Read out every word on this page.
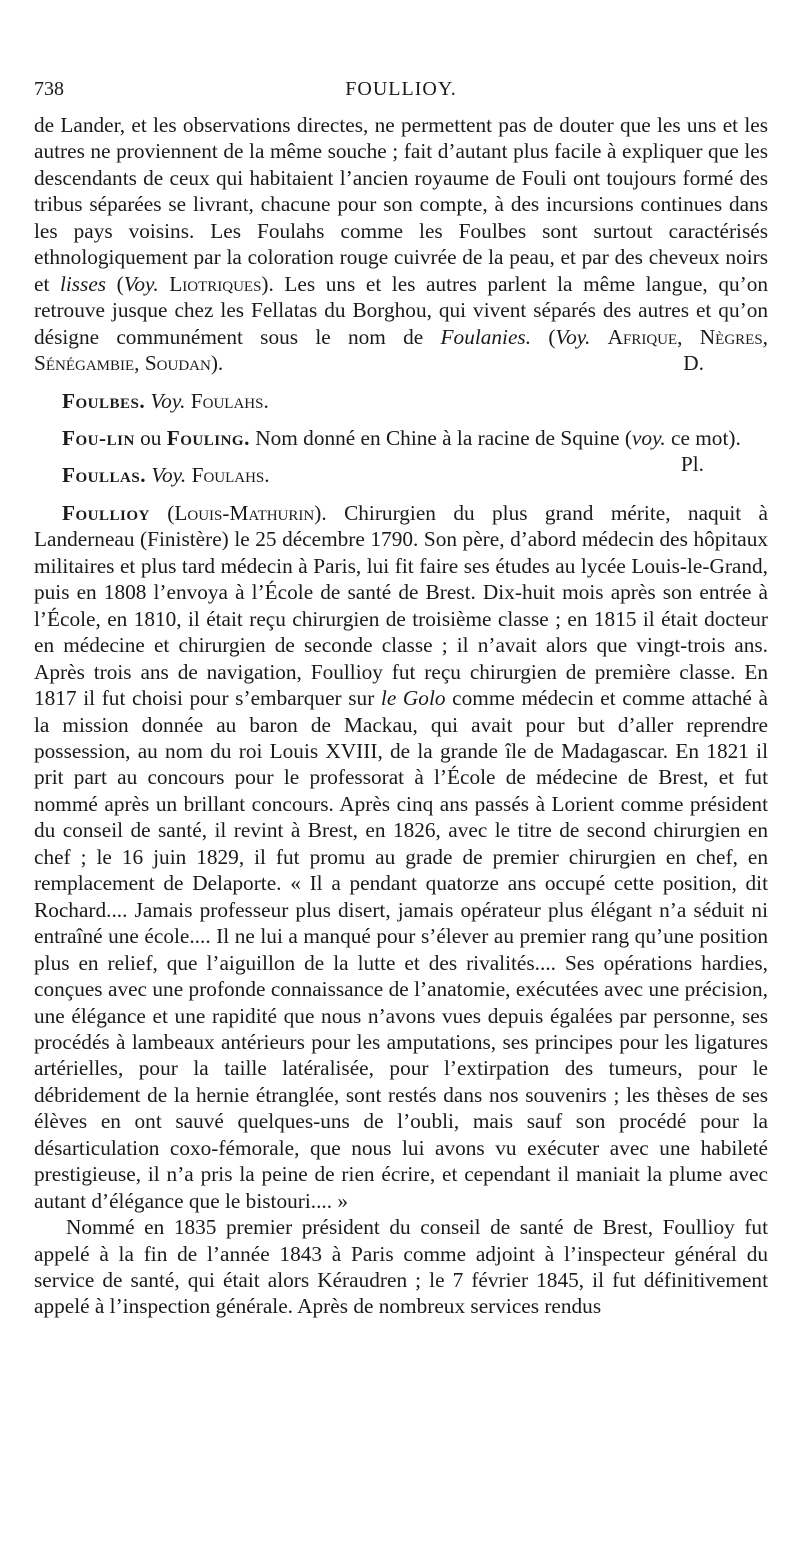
738	FOULLIOY.

de Lander, et les observations directes, ne permettent pas de douter que les uns et les autres ne proviennent de la même souche ; fait d’autant plus facile à expliquer que les descendants de ceux qui habitaient l’ancien royaume de Fouli ont toujours formé des tribus séparées se livrant, chacune pour son compte, à des incursions continues dans les pays voisins. Les Foulahs comme les Foulbes sont surtout caractérisés ethnologiquement par la coloration rouge cuivrée de la peau, et par des cheveux noirs et lisses (Voy. Liotriques). Les uns et les autres parlent la même langue, qu’on retrouve jusque chez les Fellatas du Borghou, qui vivent séparés des autres et qu’on désigne communément sous le nom de Foulanies. (Voy. Afrique, Nègres, Sénégambie, Soudan).	D.

Foulbes. Voy. Foulahs.

Fou-lin ou Fouling. Nom donné en Chine à la racine de Squine (voy. ce mot).
Pl.

Foullas. Voy. Foulahs.

Foullioy (Louis-Mathurin). Chirurgien du plus grand mérite, naquit à Landerneau (Finistère) le 25 décembre 1790. Son père, d’abord médecin des hôpitaux militaires et plus tard médecin à Paris, lui fit faire ses études au lycée Louis-le-Grand, puis en 1808 l’envoya à l’École de santé de Brest. Dix-huit mois après son entrée à l’École, en 1810, il était reçu chirurgien de troisième classe ; en 1815 il était docteur en médecine et chirurgien de seconde classe ; il n’avait alors que vingt-trois ans. Après trois ans de navigation, Foullioy fut reçu chirurgien de première classe. En 1817 il fut choisi pour s’embarquer sur le Golo comme médecin et comme attaché à la mission donnée au baron de Mackau, qui avait pour but d’aller reprendre possession, au nom du roi Louis XVIII, de la grande île de Madagascar. En 1821 il prit part au concours pour le professorat à l’École de médecine de Brest, et fut nommé après un brillant concours. Après cinq ans passés à Lorient comme président du conseil de santé, il revint à Brest, en 1826, avec le titre de second chirurgien en chef ; le 16 juin 1829, il fut promu au grade de premier chirurgien en chef, en remplacement de Delaporte. « Il a pendant quatorze ans occupé cette position, dit Rochard.... Jamais professeur plus disert, jamais opérateur plus élégant n’a séduit ni entraîné une école.... Il ne lui a manqué pour s’élever au premier rang qu’une position plus en relief, que l’aiguillon de la lutte et des rivalités.... Ses opérations hardies, conçues avec une profonde connaissance de l’anatomie, exécutées avec une précision, une élégance et une rapidité que nous n’avons vues depuis égalées par personne, ses procédés à lambeaux antérieurs pour les amputations, ses principes pour les ligatures artérielles, pour la taille latéralisée, pour l’extirpation des tumeurs, pour le débridement de la hernie étranglée, sont restés dans nos souvenirs ; les thèses de ses élèves en ont sauvé quelques-uns de l’oubli, mais sauf son procédé pour la désarticulation coxo-fémorale, que nous lui avons vu exécuter avec une habileté prestigieuse, il n’a pris la peine de rien écrire, et cependant il maniait la plume avec autant d’élégance que le bistouri.... »

Nommé en 1835 premier président du conseil de santé de Brest, Foullioy fut appelé à la fin de l’année 1843 à Paris comme adjoint à l’inspecteur général du service de santé, qui était alors Kéraudren ; le 7 février 1845, il fut définitivement appelé à l’inspection générale. Après de nombreux services rendus
